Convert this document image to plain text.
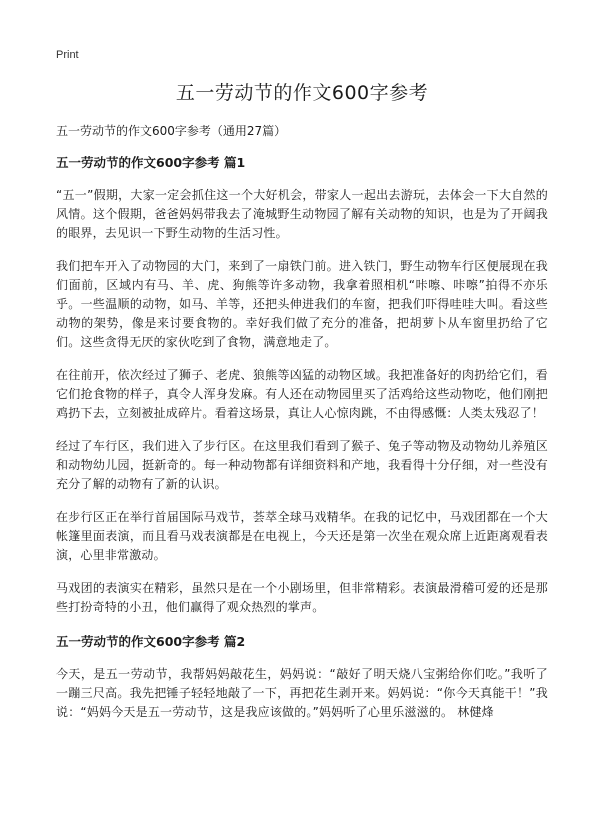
Print
五一劳动节的作文600字参考

五一劳动节的作文600字参考（通用27篇）

五一劳动节的作文600字参考 篇1

“五一”假期，大家一定会抓住这一个大好机会，带家人一起出去游玩，去体会一下大自然的风情。这个假期，爸爸妈妈带我去了淹城野生动物园了解有关动物的知识，也是为了开阔我的眼界，去见识一下野生动物的生活习性。

我们把车开入了动物园的大门，来到了一扇铁门前。进入铁门，野生动物车行区便展现在我们面前，区域内有马、羊、虎、狗熊等许多动物，我拿着照相机“咔嚓、咔嚓”拍得不亦乐乎。一些温顺的动物，如马、羊等，还把头伸进我们的车窗，把我们吓得哇哇大叫。看这些动物的架势，像是来讨要食物的。幸好我们做了充分的准备，把胡萝卜从车窗里扔给了它们。这些贪得无厌的家伙吃到了食物，满意地走了。

在往前开，依次经过了狮子、老虎、狼熊等凶猛的动物区域。我把准备好的肉扔给它们，看它们抢食物的样子，真令人浑身发麻。有人还在动物园里买了活鸡给这些动物吃，他们刚把鸡扔下去，立刻被扯成碎片。看着这场景，真让人心惊肉跳，不由得感慨：人类太残忍了！

经过了车行区，我们进入了步行区。在这里我们看到了猴子、兔子等动物及动物幼儿养殖区和动物幼儿园，挺新奇的。每一种动物都有详细资料和产地，我看得十分仔细，对一些没有充分了解的动物有了新的认识。

在步行区正在举行首届国际马戏节，荟萃全球马戏精华。在我的记忆中，马戏团都在一个大帐篷里面表演，而且看马戏表演都是在电视上，今天还是第一次坐在观众席上近距离观看表演，心里非常激动。

马戏团的表演实在精彩，虽然只是在一个小剧场里，但非常精彩。表演最滑稽可爱的还是那些打扮奇特的小丑，他们赢得了观众热烈的掌声。

五一劳动节的作文600字参考 篇2

今天，是五一劳动节，我帮妈妈敲花生，妈妈说：“敲好了明天烧八宝粥给你们吃。”我听了一蹦三尺高。我先把锤子轻轻地敲了一下，再把花生剥开来。妈妈说：“你今天真能干！”我说：“妈妈今天是五一劳动节，这是我应该做的。”妈妈听了心里乐滋滋的。 林健烽
